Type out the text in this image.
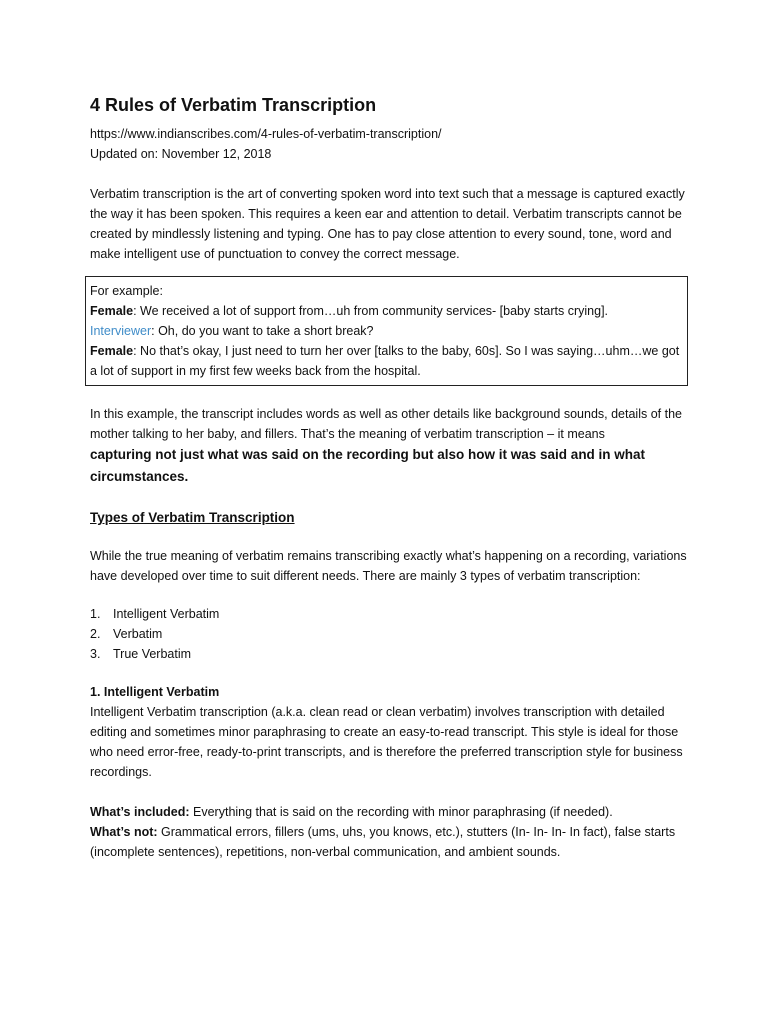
4 Rules of Verbatim Transcription

https://www.indianscribes.com/4-rules-of-verbatim-transcription/

Updated on: November 12, 2018

Verbatim transcription is the art of converting spoken word into text such that a message is captured exactly the way it has been spoken. This requires a keen ear and attention to detail. Verbatim transcripts cannot be created by mindlessly listening and typing. One has to pay close attention to every sound, tone, word and make intelligent use of punctuation to convey the correct message.

For example:

Female: We received a lot of support from…uh from community services- [baby starts crying].

Interviewer: Oh, do you want to take a short break?

Female: No that’s okay, I just need to turn her over [talks to the baby, 60s]. So I was saying…uhm…we got a lot of support in my first few weeks back from the hospital.

In this example, the transcript includes words as well as other details like background sounds, details of the mother talking to her baby, and fillers. That’s the meaning of verbatim transcription – it means

capturing not just what was said on the recording but also how it was said and in what circumstances.

Types of Verbatim Transcription

While the true meaning of verbatim remains transcribing exactly what’s happening on a recording, variations have developed over time to suit different needs. There are mainly 3 types of verbatim transcription:

1.	Intelligent Verbatim
2.	Verbatim
3.	True Verbatim

1. Intelligent Verbatim

Intelligent Verbatim transcription (a.k.a. clean read or clean verbatim) involves transcription with detailed editing and sometimes minor paraphrasing to create an easy-to-read transcript. This style is ideal for those who need error-free, ready-to-print transcripts, and is therefore the preferred transcription style for business recordings.

What’s included: Everything that is said on the recording with minor paraphrasing (if needed).

What’s not: Grammatical errors, fillers (ums, uhs, you knows, etc.), stutters (In- In- In- In fact), false starts (incomplete sentences), repetitions, non-verbal communication, and ambient sounds.
